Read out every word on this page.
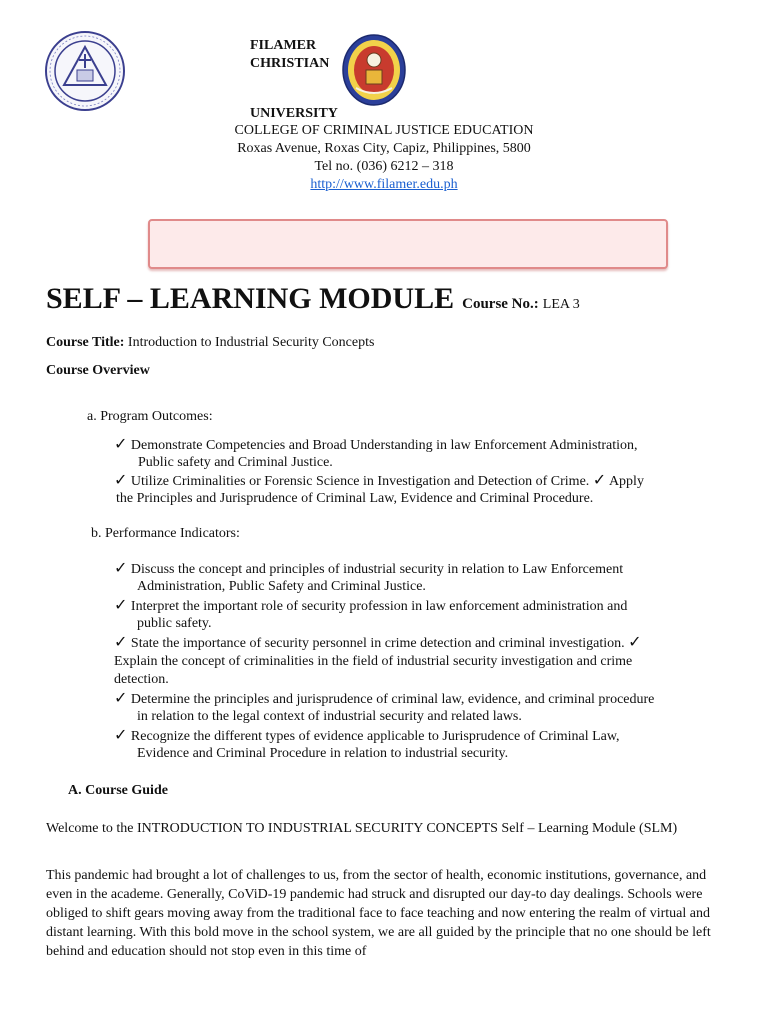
FILAMER
CHRISTIAN
UNIVERSITY
COLLEGE OF CRIMINAL JUSTICE EDUCATION
Roxas Avenue, Roxas City, Capiz, Philippines, 5800
Tel no. (036) 6212 – 318
http://www.filamer.edu.ph
SELF – LEARNING MODULE Course No.: LEA 3
Course Title: Introduction to Industrial Security Concepts
Course Overview
a. Program Outcomes:
✓ Demonstrate Competencies and Broad Understanding in law Enforcement Administration,
Public safety and Criminal Justice.
✓ Utilize Criminalities or Forensic Science in Investigation and Detection of Crime. ✓ Apply
the Principles and Jurisprudence of Criminal Law, Evidence and Criminal Procedure.
b. Performance Indicators:
✓ Discuss the concept and principles of industrial security in relation to Law Enforcement
Administration, Public Safety and Criminal Justice.
✓ Interpret the important role of security profession in law enforcement administration and
public safety.
✓ State the importance of security personnel in crime detection and criminal investigation. ✓
Explain the concept of criminalities in the field of industrial security investigation and crime
detection.
✓ Determine the principles and jurisprudence of criminal law, evidence, and criminal procedure
in relation to the legal context of industrial security and related laws.
✓ Recognize the different types of evidence applicable to Jurisprudence of Criminal Law,
Evidence and Criminal Procedure in relation to industrial security.
A. Course Guide
Welcome to the INTRODUCTION TO INDUSTRIAL SECURITY CONCEPTS Self – Learning Module (SLM)
This pandemic had brought a lot of challenges to us, from the sector of health, economic institutions, governance, and even in the academe. Generally, CoViD-19 pandemic had struck and disrupted our day-to day dealings. Schools were obliged to shift gears moving away from the traditional face to face teaching and now entering the realm of virtual and distant learning. With this bold move in the school system, we are all guided by the principle that no one should be left behind and education should not stop even in this time of
